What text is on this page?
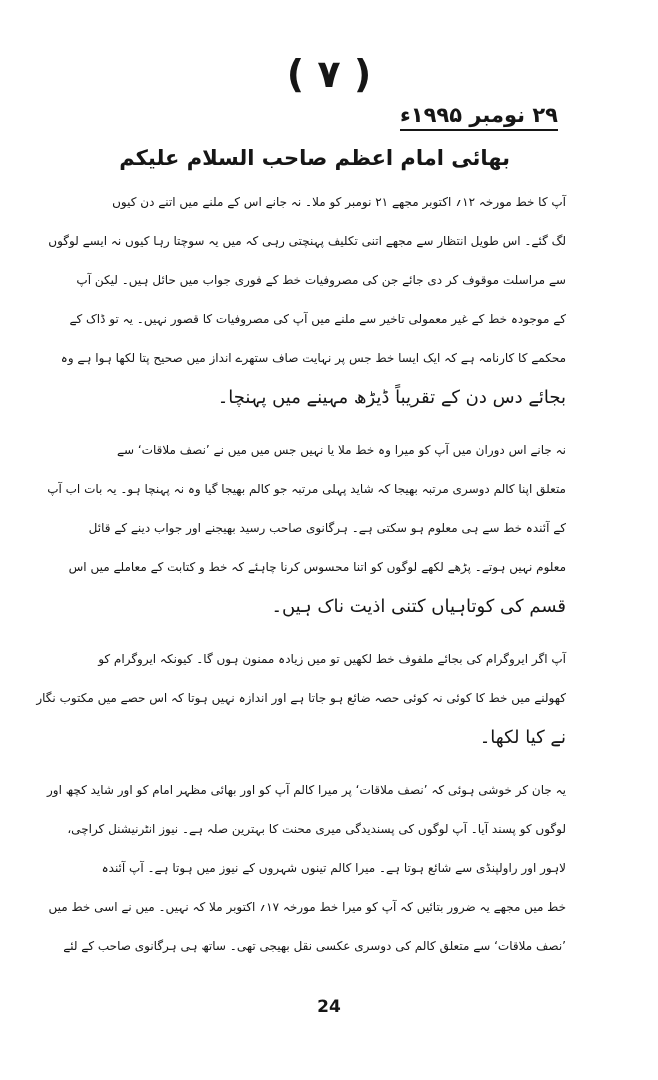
( ۷ )
۲۹ نومبر ۱۹۹۵ء
بھائی امام اعظم صاحب السلام علیکم
آپ کا خط مورخہ ۱۲؍ اکتوبر مجھے ۲۱ نومبر کو ملا۔ نہ جانے اس کے ملنے میں اتنے دن کیوں
لگ گئے۔ اس طویل انتظار سے مجھے اتنی تکلیف پہنچتی رہی کہ میں یہ سوچتا رہا کیوں نہ ایسے لوگوں
سے مراسلت موقوف کر دی جائے جن کی مصروفیات خط کے فوری جواب میں حائل ہیں۔ لیکن آپ
کے موجودہ خط کے غیر معمولی تاخیر سے ملنے میں آپ کی مصروفیات کا قصور نہیں۔ یہ تو ڈاک کے
محکمے کا کارنامہ ہے کہ ایک ایسا خط جس پر نہایت صاف ستھرے انداز میں صحیح پتا لکھا ہوا ہے وہ
بجائے دس دن کے تقریباً ڈیڑھ مہینے میں پہنچا۔
نہ جانے اس دوران میں آپ کو میرا وہ خط ملا یا نہیں جس میں میں نے ’نصف ملاقات‘ سے
متعلق اپنا کالم دوسری مرتبہ بھیجا کہ شاید پہلی مرتبہ جو کالم بھیجا گیا وہ نہ پہنچا ہو۔ یہ بات اب آپ
کے آئندہ خط سے ہی معلوم ہو سکتی ہے۔ ہرگانوی صاحب رسید بھیجنے اور جواب دینے کے قائل
معلوم نہیں ہوتے۔ پڑھے لکھے لوگوں کو اتنا محسوس کرنا چاہئے کہ خط و کتابت کے معاملے میں اس
قسم کی کوتاہیاں کتنی اذیت ناک ہیں۔
آپ اگر ایروگرام کی بجائے ملفوف خط لکھیں تو میں زیادہ ممنون ہوں گا۔ کیونکہ ایروگرام کو
کھولنے میں خط کا کوئی نہ کوئی حصہ ضائع ہو جاتا ہے اور اندازہ نہیں ہوتا کہ اس حصے میں مکتوب نگار
نے کیا لکھا۔
یہ جان کر خوشی ہوئی کہ ’نصف ملاقات‘ پر میرا کالم آپ کو اور بھائی مظہر امام کو اور شاید کچھ اور
لوگوں کو پسند آیا۔ آپ لوگوں کی پسندیدگی میری محنت کا بہترین صلہ ہے۔ نیوز انٹرنیشنل کراچی،
لاہور اور راولپنڈی سے شائع ہوتا ہے۔ میرا کالم تینوں شہروں کے نیوز میں ہوتا ہے۔ آپ آئندہ
خط میں مجھے یہ ضرور بتائیں کہ آپ کو میرا خط مورخہ ۱۷؍ اکتوبر ملا کہ نہیں۔ میں نے اسی خط میں
’نصف ملاقات‘ سے متعلق کالم کی دوسری عکسی نقل بھیجی تھی۔ ساتھ ہی ہرگانوی صاحب کے لئے
24
